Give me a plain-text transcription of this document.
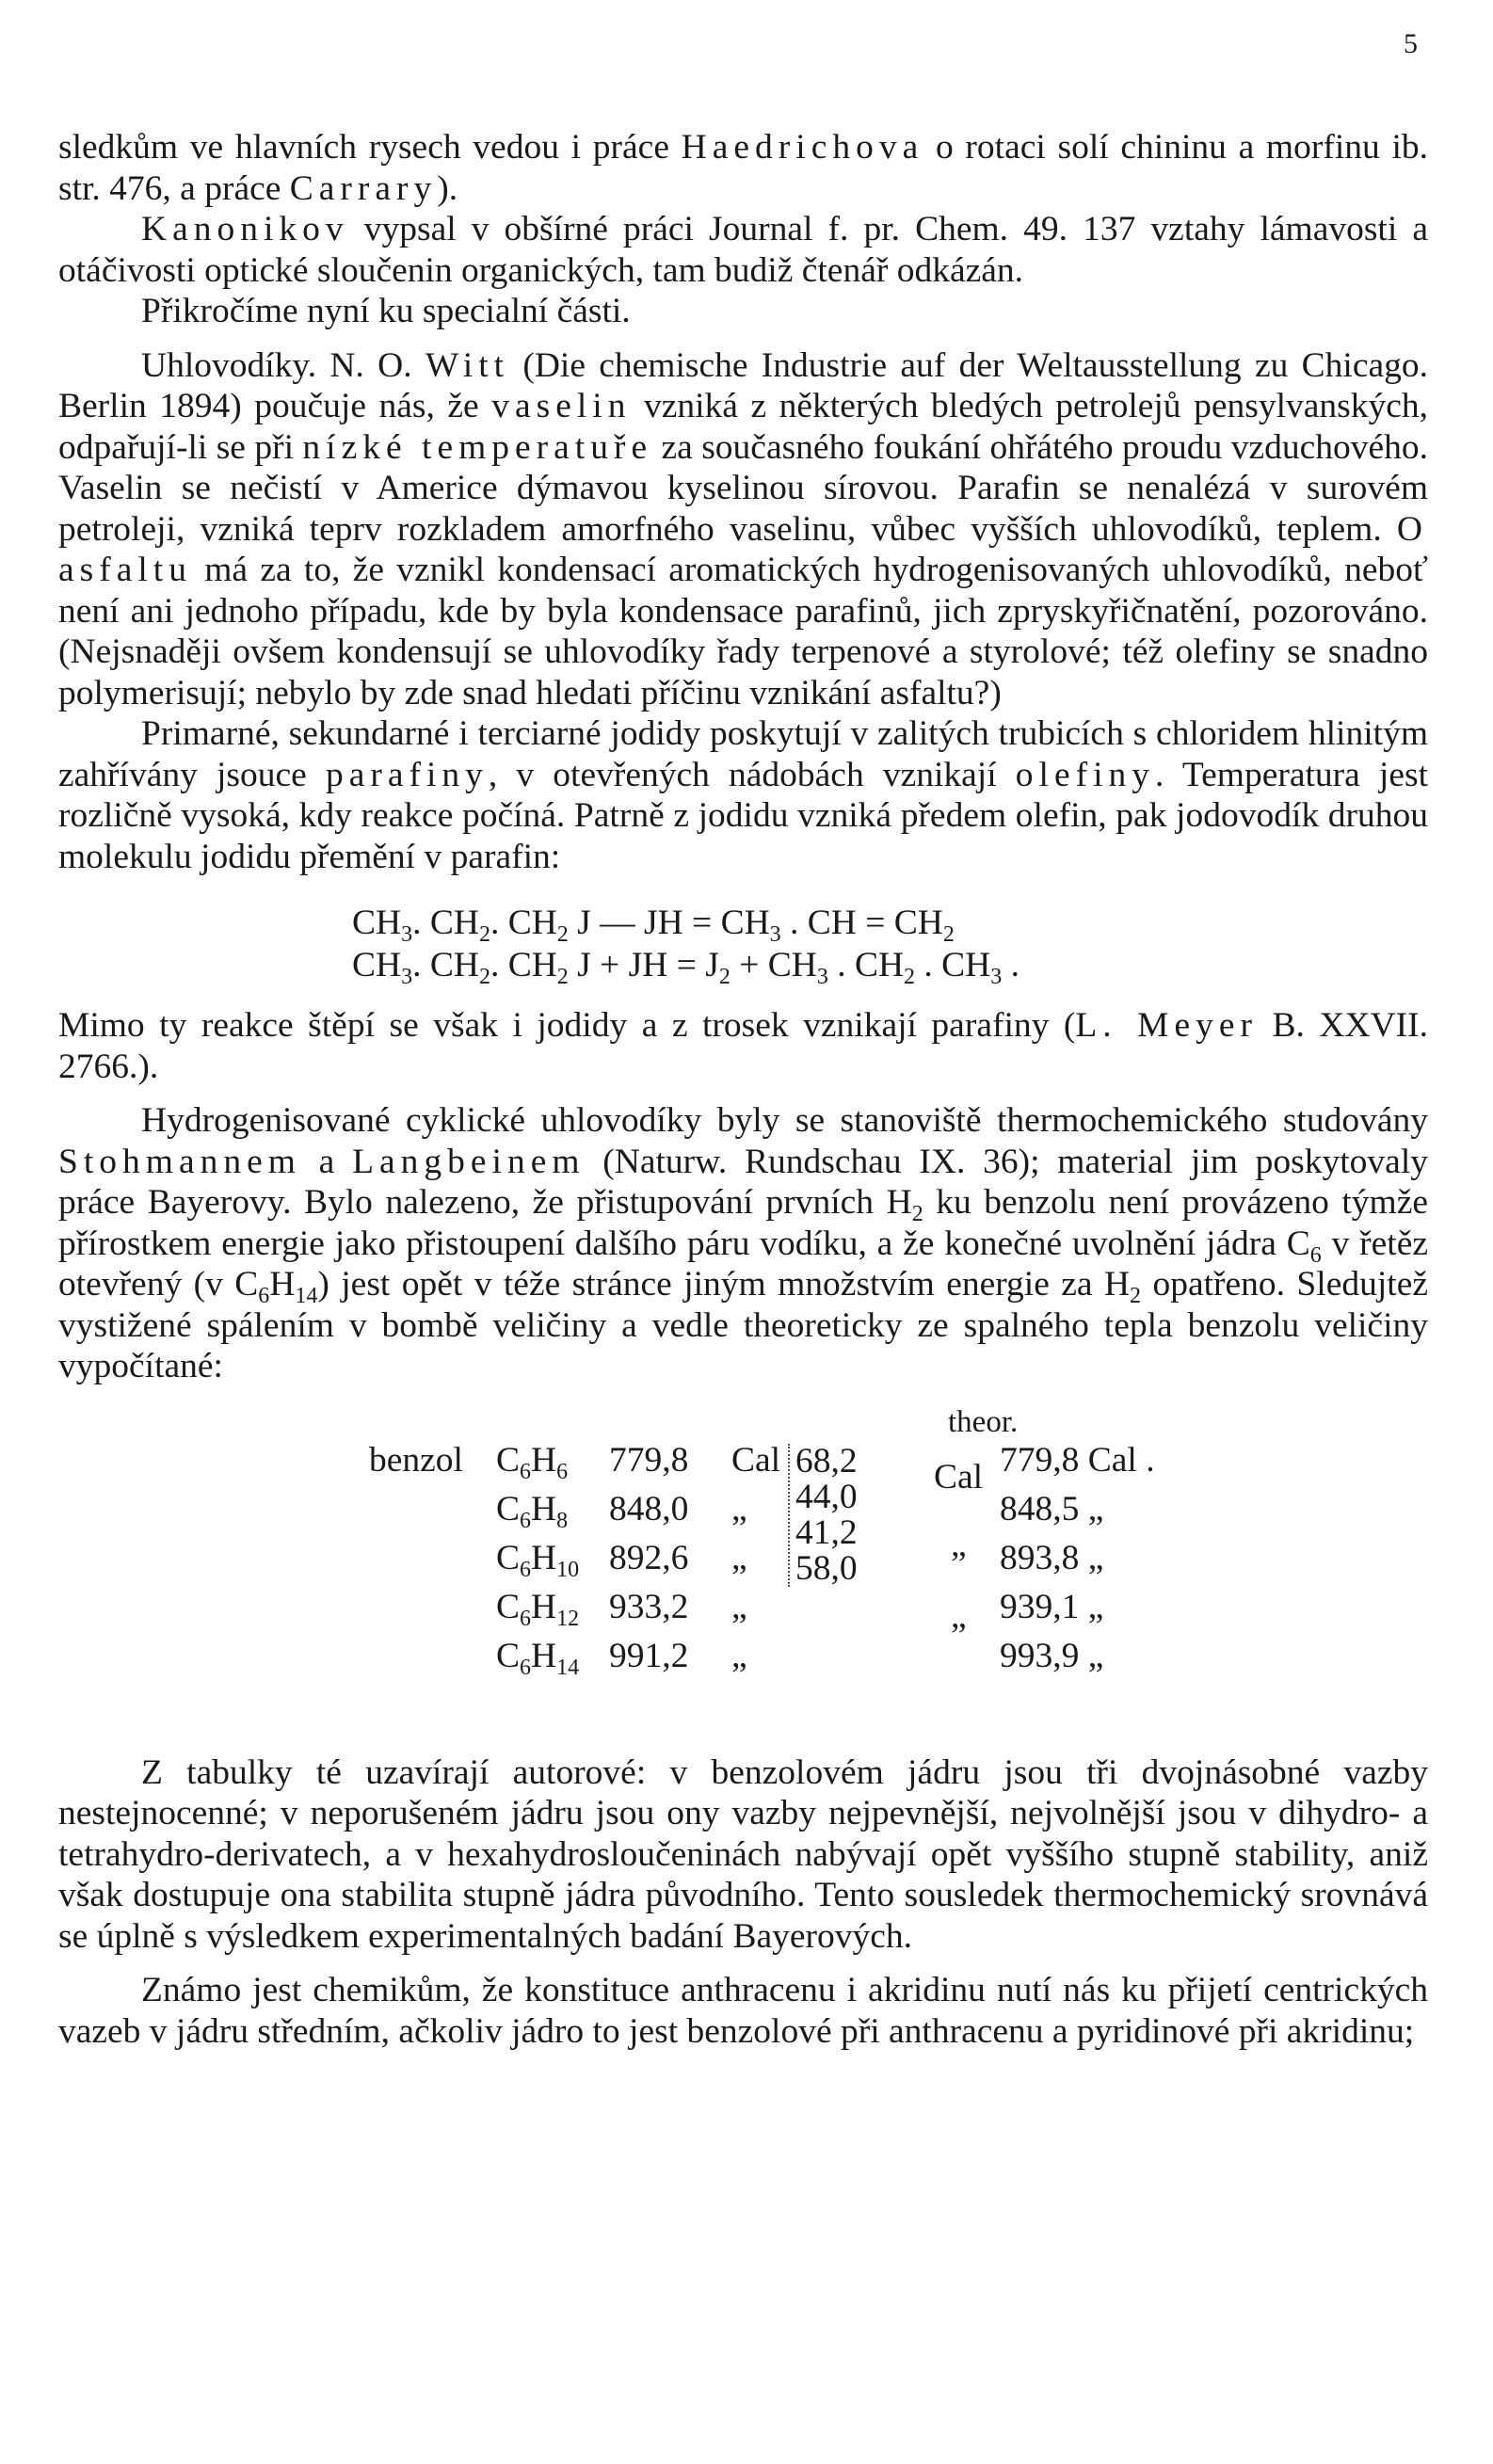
5

sledkům ve hlavních rysech vedou i práce Haedrichova o rotaci solí chininu a morfinu ib. str. 476, a práce Carrary).

Kanonikov vypsal v obšírné práci Journal f. pr. Chem. 49. 137 vztahy lámavosti a otáčivosti optické sloučenin organických, tam budiž čtenář odkázán.

Přikročíme nyní ku specialní části.

Uhlovodíky. N. O. Witt (Die chemische Industrie auf der Weltausstellung zu Chicago. Berlin 1894) poučuje nás, že vaselin vzniká z některých bledých petrolejů pensylvanských, odpařují-li se při nízké temperatuře za současného foukání ohřátého proudu vzduchového. Vaselin se nečistí v Americe dýmavou kyselinou sírovou. Parafin se nenalézá v surovém petroleji, vzniká teprv rozkladem amorfného vaselinu, vůbec vyšších uhlovodíků, teplem. O asfaltu má za to, že vznikl kondensací aromatických hydrogenisovaných uhlovodíků, neboť není ani jednoho případu, kde by byla kondensace parafinů, jich zpryskyřičnatění, pozorováno. (Nejsnaději ovšem kondensují se uhlovodíky řady terpenové a styrolové; též olefiny se snadno polymerisují; nebylo by zde snad hledati příčinu vznikání asfaltu?)

Primarné, sekundarné i terciarné jodidy poskytují v zalitých trubicích s chloridem hlinitým zahřívány jsouce parafiny, v otevřených nádobách vznikají olefiny. Temperatura jest rozličně vysoká, kdy reakce počíná. Patrně z jodidu vzniká předem olefin, pak jodovodík druhou molekulu jodidu přemění v parafin:

$CH_3$. $CH_2$. $CH_2$ J — JH = $CH_3$ . CH = $CH_2$
$CH_3$. $CH_2$. $CH_2$ J + JH = $J_2 + CH_3$ . $CH_2$ . $CH_3$ .

Mimo ty reakce štěpí se však i jodidy a z trosek vznikají parafiny (L. Meyer B. XXVII. 2766.).

Hydrogenisované cyklické uhlovodíky byly se stanoviště thermochemického studovány Stohmannem a Langbeinem (Naturw. Rundschau IX. 36); material jim poskytovaly práce Bayerovy. Bylo nalezeno, že přistupování prvních $H_2$ ku benzolu není provázeno týmže přírostkem energie jako přistoupení dalšího páru vodíku, a že konečné uvolnění jádra $C_6$ v řetěz otevřený (v $C_6H_{14}$) jest opět v téže stránce jiným množstvím energie za $H_2$ opatřeno. Sledujtež vystižené spálením v bombě veličiny a vedle theoreticky ze spalného tepla benzolu veličiny vypočítané:

theor.
benzol $C_6H_6$ 779,8 Cal
$C_6H_8$ 848,0 „
$C_6H_{10}$ 892,6 „
$C_6H_{12}$ 933,2 „
$C_6H_{14}$ 991,2 „
68,2
44,0
41,2
58,0
Cal
„
„
779,8 Cal .
848,5 „
893,8 „
939,1 „
993,9 „

Z tabulky té uzavírají autorové: v benzolovém jádru jsou tři dvojnásobné vazby nestejnocenné; v neporušeném jádru jsou ony vazby nejpevnější, nejvolnější jsou v dihydro- a tetrahydro-derivatech, a v hexahydrosloučeninách nabývají opět vyššího stupně stability, aniž však dostupuje ona stabilita stupně jádra původního. Tento sousledek thermochemický srovnává se úplně s výsledkem experimentalných badání Bayerových.

Známo jest chemikům, že konstituce anthracenu i akridinu nutí nás ku přijetí centrických vazeb v jádru středním, ačkoliv jádro to jest benzolové při anthracenu a pyridinové při akridinu;
